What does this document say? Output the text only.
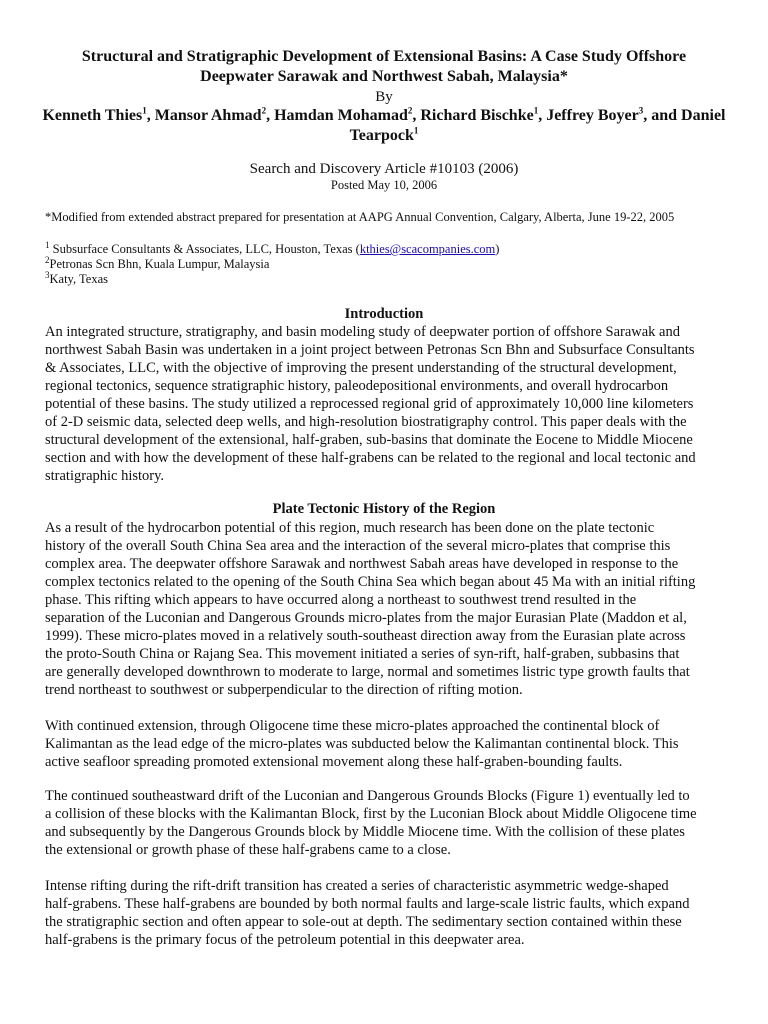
Structural and Stratigraphic Development of Extensional Basins: A Case Study Offshore
Deepwater Sarawak and Northwest Sabah, Malaysia*
By
Kenneth Thies$^1$, Mansor Ahmad$^2$, Hamdan Mohamad$^2$, Richard Bischke$^1$, Jeffrey Boyer$^3$, and Daniel
Tearpock$^1$
Search and Discovery Article #10103 (2006)
Posted May 10, 2006
*Modified from extended abstract prepared for presentation at AAPG Annual Convention, Calgary, Alberta, June 19-22, 2005
$^1$ Subsurface Consultants & Associates, LLC, Houston, Texas (kthies@scacompanies.com)
$^2$Petronas Scn Bhn, Kuala Lumpur, Malaysia
$^3$Katy, Texas
Introduction
An integrated structure, stratigraphy, and basin modeling study of deepwater portion of offshore Sarawak and
northwest Sabah Basin was undertaken in a joint project between Petronas Scn Bhn and Subsurface Consultants
& Associates, LLC, with the objective of improving the present understanding of the structural development,
regional tectonics, sequence stratigraphic history, paleodepositional environments, and overall hydrocarbon
potential of these basins. The study utilized a reprocessed regional grid of approximately 10,000 line kilometers
of 2-D seismic data, selected deep wells, and high-resolution biostratigraphy control. This paper deals with the
structural development of the extensional, half-graben, sub-basins that dominate the Eocene to Middle Miocene
section and with how the development of these half-grabens can be related to the regional and local tectonic and
stratigraphic history.
Plate Tectonic History of the Region
As a result of the hydrocarbon potential of this region, much research has been done on the plate tectonic
history of the overall South China Sea area and the interaction of the several micro-plates that comprise this
complex area. The deepwater offshore Sarawak and northwest Sabah areas have developed in response to the
complex tectonics related to the opening of the South China Sea which began about 45 Ma with an initial rifting
phase. This rifting which appears to have occurred along a northeast to southwest trend resulted in the
separation of the Luconian and Dangerous Grounds micro-plates from the major Eurasian Plate (Maddon et al,
1999). These micro-plates moved in a relatively south-southeast direction away from the Eurasian plate across
the proto-South China or Rajang Sea. This movement initiated a series of syn-rift, half-graben, subbasins that
are generally developed downthrown to moderate to large, normal and sometimes listric type growth faults that
trend northeast to southwest or subperpendicular to the direction of rifting motion.
With continued extension, through Oligocene time these micro-plates approached the continental block of
Kalimantan as the lead edge of the micro-plates was subducted below the Kalimantan continental block. This
active seafloor spreading promoted extensional movement along these half-graben-bounding faults.
The continued southeastward drift of the Luconian and Dangerous Grounds Blocks (Figure 1) eventually led to
a collision of these blocks with the Kalimantan Block, first by the Luconian Block about Middle Oligocene time
and subsequently by the Dangerous Grounds block by Middle Miocene time. With the collision of these plates
the extensional or growth phase of these half-grabens came to a close.
Intense rifting during the rift-drift transition has created a series of characteristic asymmetric wedge-shaped
half-grabens. These half-grabens are bounded by both normal faults and large-scale listric faults, which expand
the stratigraphic section and often appear to sole-out at depth. The sedimentary section contained within these
half-grabens is the primary focus of the petroleum potential in this deepwater area.
